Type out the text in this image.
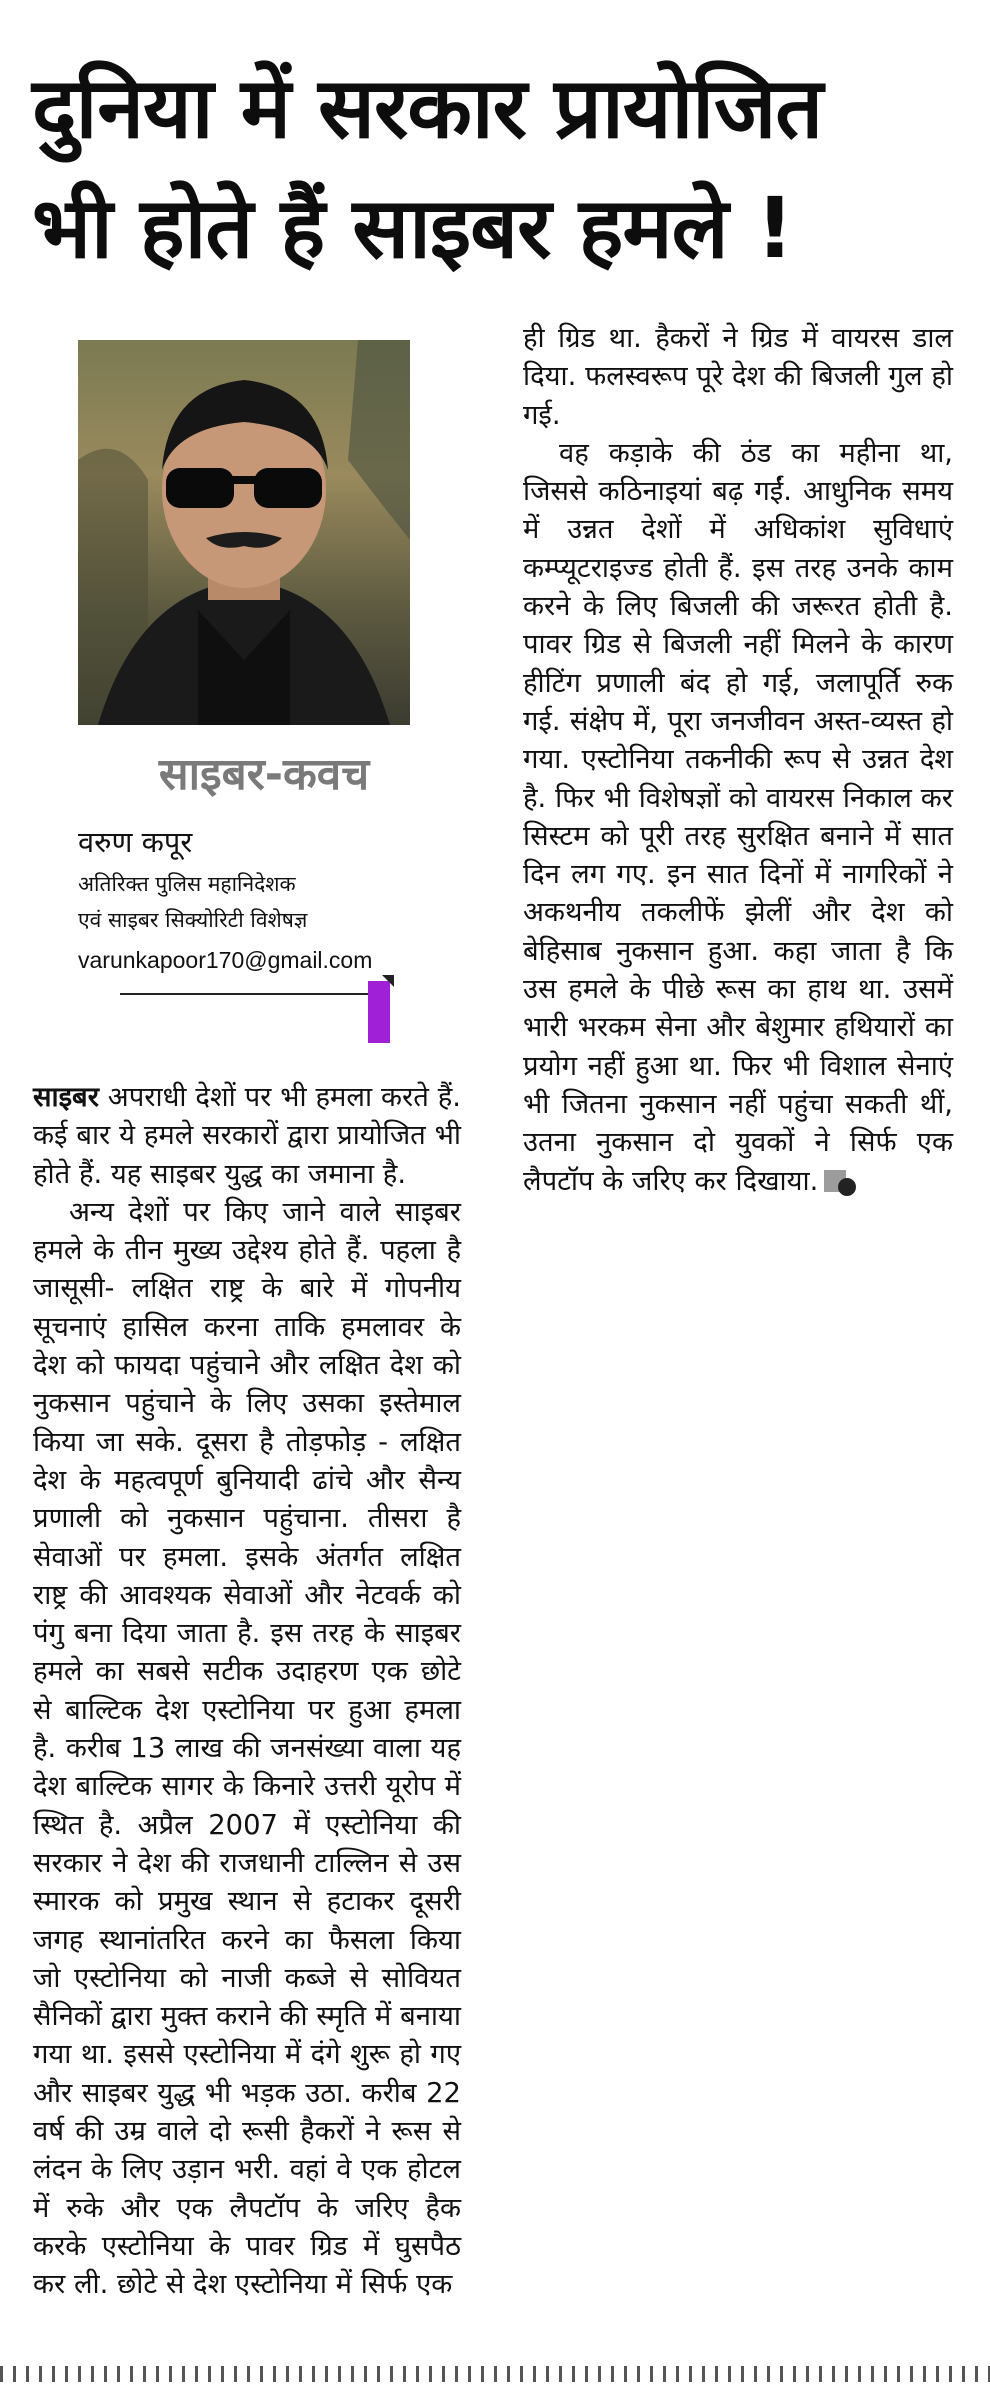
दुनिया में सरकार प्रायोजित
भी होते हैं साइबर हमले !
साइबर-कवच
वरुण कपूर
अतिरिक्त पुलिस महानिदेशक
एवं साइबर सिक्योरिटी विशेषज्ञ
varunkapoor170@gmail.com

साइबर अपराधी देशों पर भी हमला करते हैं. कई बार ये हमले सरकारों द्वारा प्रायोजित भी होते हैं. यह साइबर युद्ध का जमाना है.

अन्य देशों पर किए जाने वाले साइबर हमले के तीन मुख्य उद्देश्य होते हैं. पहला है जासूसी- लक्षित राष्ट्र के बारे में गोपनीय सूचनाएं हासिल करना ताकि हमलावर के देश को फायदा पहुंचाने और लक्षित देश को नुकसान पहुंचाने के लिए उसका इस्तेमाल किया जा सके. दूसरा है तोड़फोड़ - लक्षित देश के महत्वपूर्ण बुनियादी ढांचे और सैन्य प्रणाली को नुकसान पहुंचाना. तीसरा है सेवाओं पर हमला. इसके अंतर्गत लक्षित राष्ट्र की आवश्यक सेवाओं और नेटवर्क को पंगु बना दिया जाता है. इस तरह के साइबर हमले का सबसे सटीक उदाहरण एक छोटे से बाल्टिक देश एस्टोनिया पर हुआ हमला है. करीब 13 लाख की जनसंख्या वाला यह देश बाल्टिक सागर के किनारे उत्तरी यूरोप में स्थित है. अप्रैल 2007 में एस्टोनिया की सरकार ने देश की राजधानी टाल्लिन से उस स्मारक को प्रमुख स्थान से हटाकर दूसरी जगह स्थानांतरित करने का फैसला किया जो एस्टोनिया को नाजी कब्जे से सोवियत सैनिकों द्वारा मुक्त कराने की स्मृति में बनाया गया था. इससे एस्टोनिया में दंगे शुरू हो गए और साइबर युद्ध भी भड़क उठा. करीब 22 वर्ष की उम्र वाले दो रूसी हैकरों ने रूस से लंदन के लिए उड़ान भरी. वहां वे एक होटल में रुके और एक लैपटॉप के जरिए हैक करके एस्टोनिया के पावर ग्रिड में घुसपैठ कर ली. छोटे से देश एस्टोनिया में सिर्फ एक

ही ग्रिड था. हैकरों ने ग्रिड में वायरस डाल दिया. फलस्वरूप पूरे देश की बिजली गुल हो गई.

वह कड़ाके की ठंड का महीना था, जिससे कठिनाइयां बढ़ गईं. आधुनिक समय में उन्नत देशों में अधिकांश सुविधाएं कम्प्यूटराइज्ड होती हैं. इस तरह उनके काम करने के लिए बिजली की जरूरत होती है. पावर ग्रिड से बिजली नहीं मिलने के कारण हीटिंग प्रणाली बंद हो गई, जलापूर्ति रुक गई. संक्षेप में, पूरा जनजीवन अस्त-व्यस्त हो गया. एस्टोनिया तकनीकी रूप से उन्नत देश है. फिर भी विशेषज्ञों को वायरस निकाल कर सिस्टम को पूरी तरह सुरक्षित बनाने में सात दिन लग गए. इन सात दिनों में नागरिकों ने अकथनीय तकलीफें झेलीं और देश को बेहिसाब नुकसान हुआ. कहा जाता है कि उस हमले के पीछे रूस का हाथ था. उसमें भारी भरकम सेना और बेशुमार हथियारों का प्रयोग नहीं हुआ था. फिर भी विशाल सेनाएं भी जितना नुकसान नहीं पहुंचा सकती थीं, उतना नुकसान दो युवकों ने सिर्फ एक लैपटॉप के जरिए कर दिखाया.
